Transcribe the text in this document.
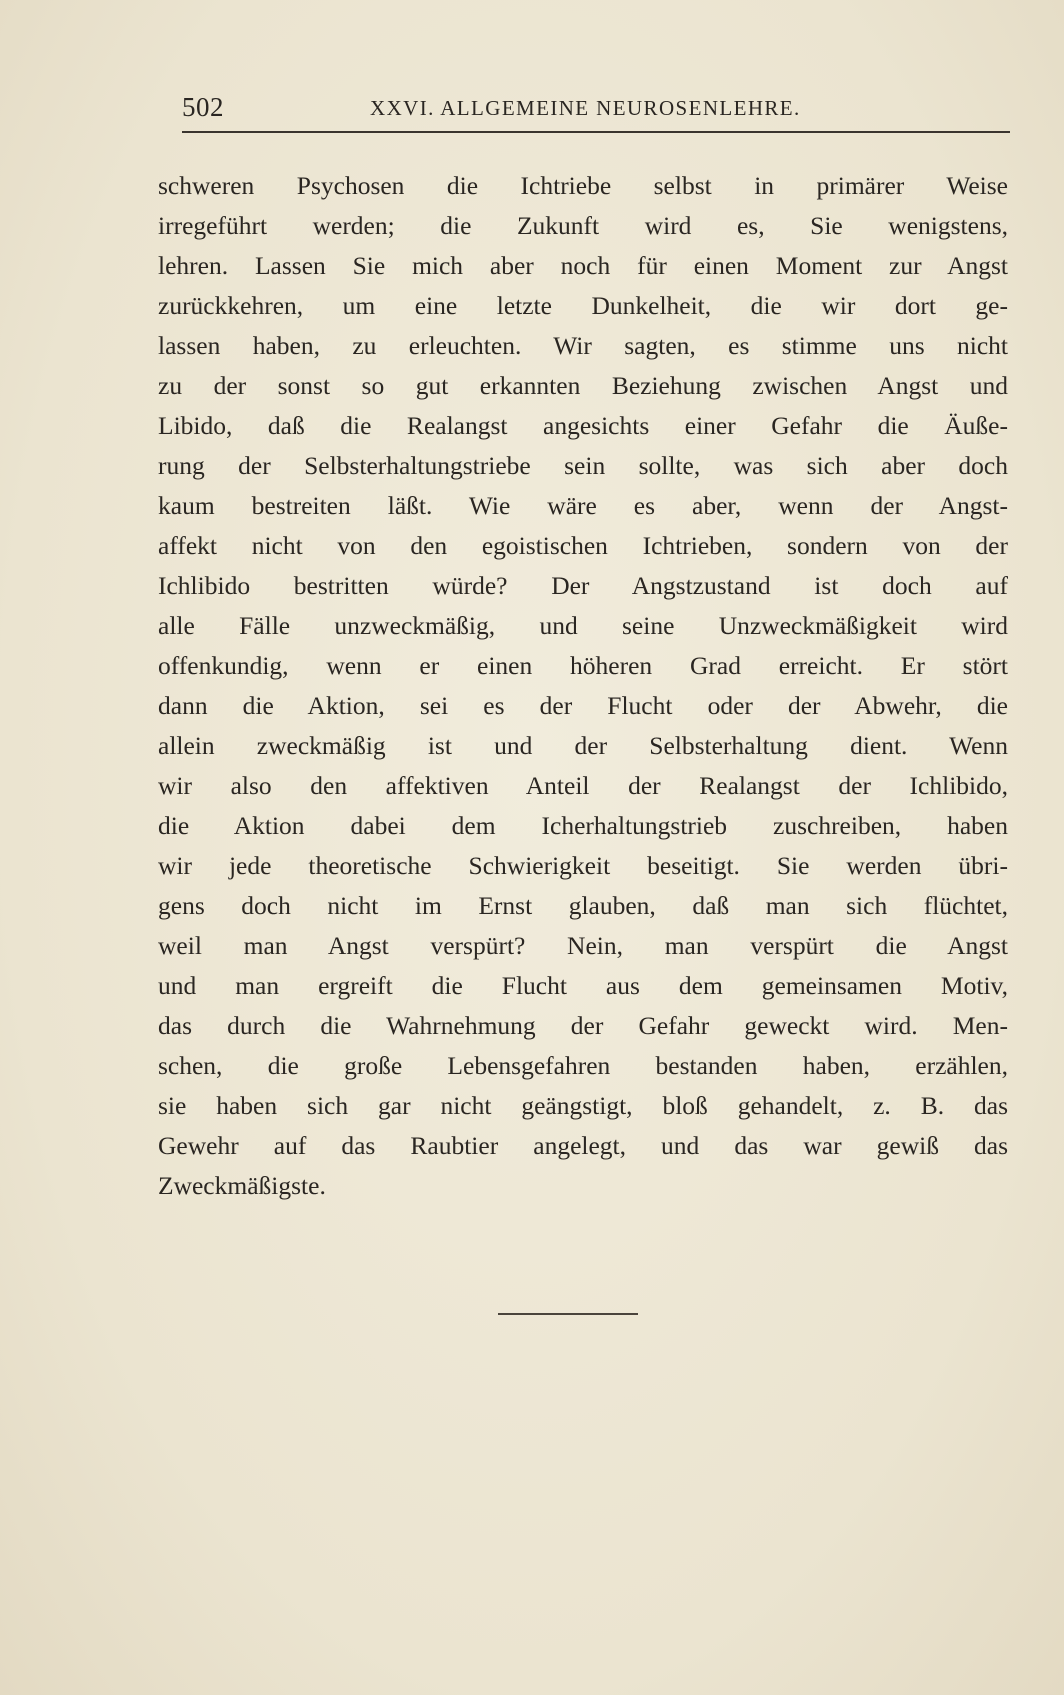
502	XXVI. ALLGEMEINE NEUROSENLEHRE.
schweren Psychosen die Ichtriebe selbst in primärer Weise
irregeführt werden; die Zukunft wird es, Sie wenigstens,
lehren. Lassen Sie mich aber noch für einen Moment zur Angst
zurückkehren, um eine letzte Dunkelheit, die wir dort ge-
lassen haben, zu erleuchten. Wir sagten, es stimme uns nicht
zu der sonst so gut erkannten Beziehung zwischen Angst und
Libido, daß die Realangst angesichts einer Gefahr die Äuße-
rung der Selbsterhaltungstriebe sein sollte, was sich aber doch
kaum bestreiten läßt. Wie wäre es aber, wenn der Angst-
affekt nicht von den egoistischen Ichtrieben, sondern von der
Ichlibido bestritten würde? Der Angstzustand ist doch auf
alle Fälle unzweckmäßig, und seine Unzweckmäßigkeit wird
offenkundig, wenn er einen höheren Grad erreicht. Er stört
dann die Aktion, sei es der Flucht oder der Abwehr, die
allein zweckmäßig ist und der Selbsterhaltung dient. Wenn
wir also den affektiven Anteil der Realangst der Ichlibido,
die Aktion dabei dem Icherhaltungstrieb zuschreiben, haben
wir jede theoretische Schwierigkeit beseitigt. Sie werden übri-
gens doch nicht im Ernst glauben, daß man sich flüchtet,
weil man Angst verspürt? Nein, man verspürt die Angst
und man ergreift die Flucht aus dem gemeinsamen Motiv,
das durch die Wahrnehmung der Gefahr geweckt wird. Men-
schen, die große Lebensgefahren bestanden haben, erzählen,
sie haben sich gar nicht geängstigt, bloß gehandelt, z. B. das
Gewehr auf das Raubtier angelegt, und das war gewiß das
Zweckmäßigste.
